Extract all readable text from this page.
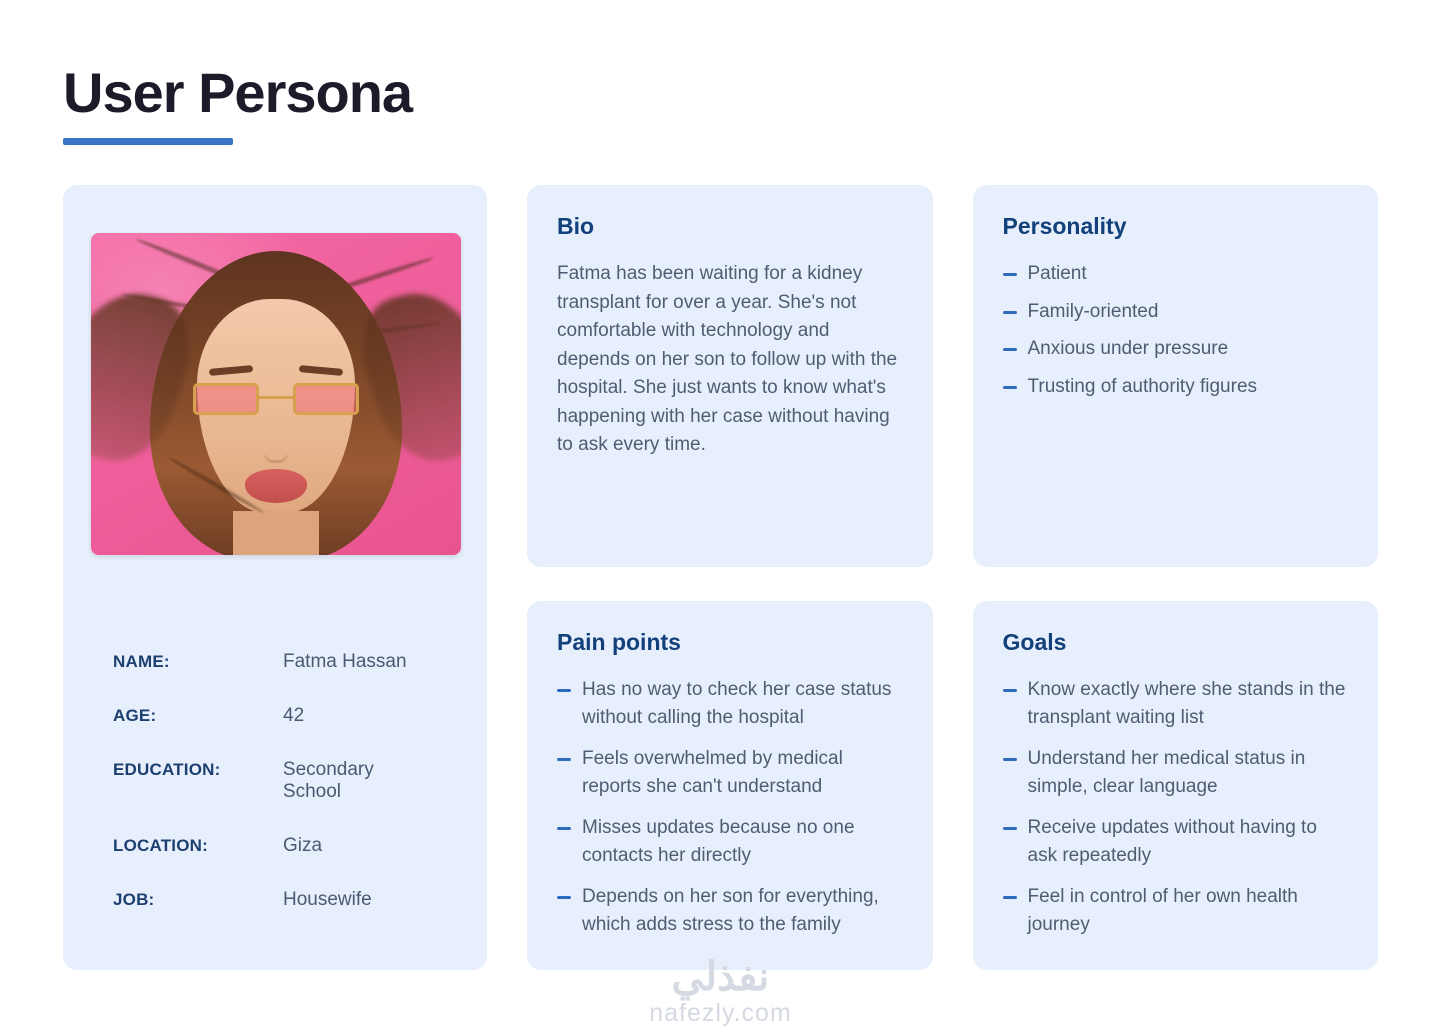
User Persona
NAME:	Fatma Hassan
AGE:	42
EDUCATION:	Secondary School
LOCATION:	Giza
JOB:	Housewife
Bio
Fatma has been waiting for a kidney transplant for over a year. She's not comfortable with technology and depends on her son to follow up with the hospital. She just wants to know what's happening with her case without having to ask every time.
Pain points
Has no way to check her case status without calling the hospital
Feels overwhelmed by medical reports she can't understand
Misses updates because no one contacts her directly
Depends on her son for everything, which adds stress to the family
Personality
Patient
Family-oriented
Anxious under pressure
Trusting of authority figures
Goals
Know exactly where she stands in the transplant waiting list
Understand her medical status in simple, clear language
Receive updates without having to ask repeatedly
Feel in control of her own health journey
نفذلي
nafezly.com
